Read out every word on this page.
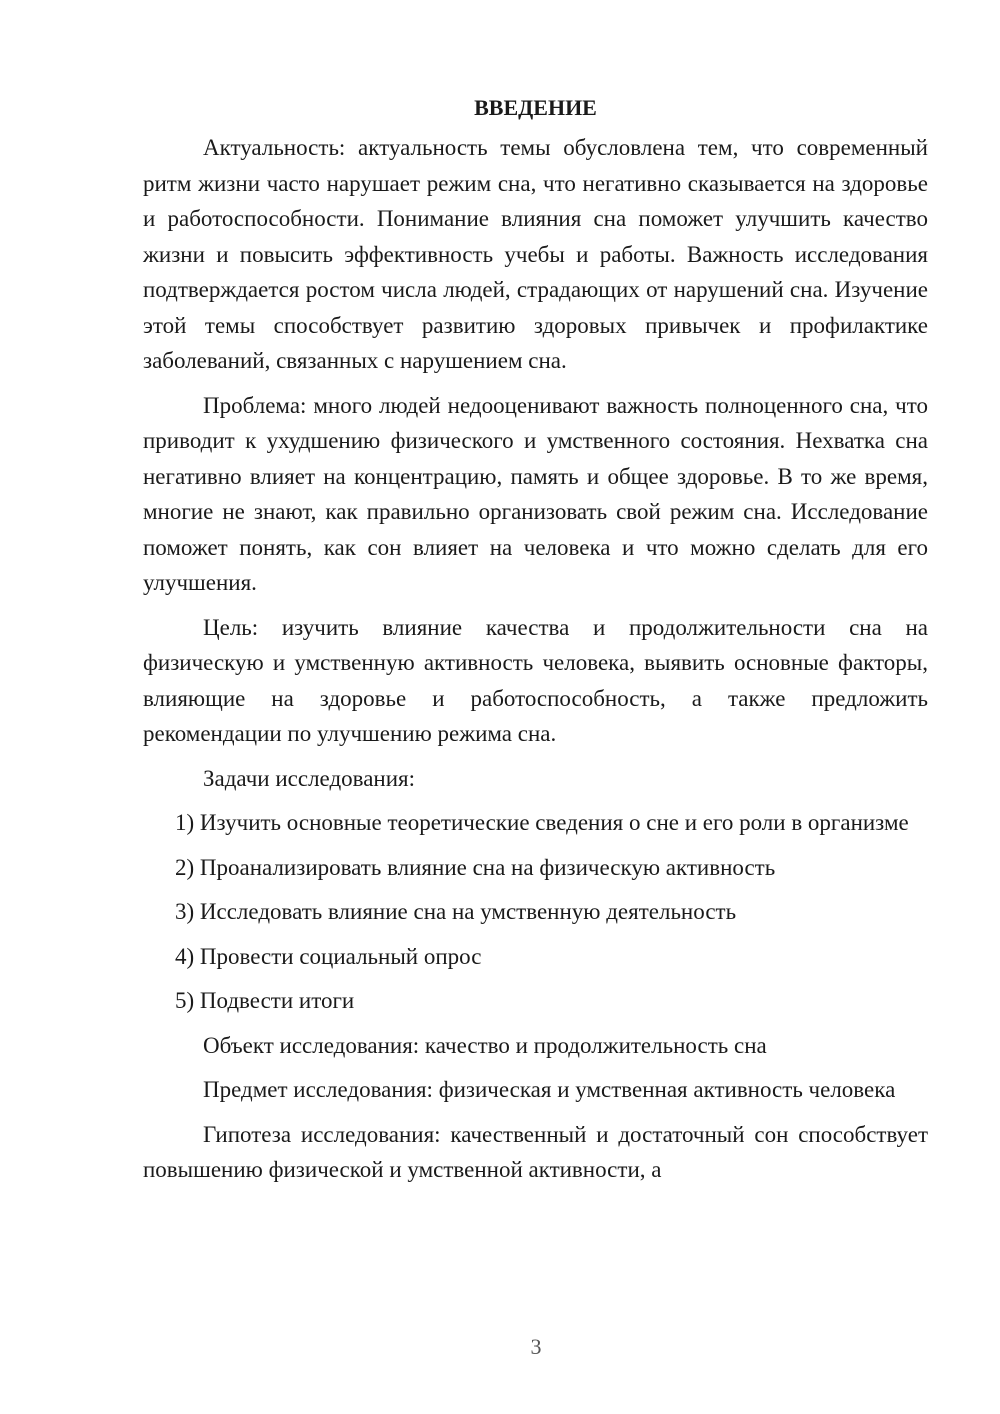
ВВЕДЕНИЕ

Актуальность: актуальность темы обусловлена тем, что современный ритм жизни часто нарушает режим сна, что негативно сказывается на здоровье и работоспособности. Понимание влияния сна поможет улучшить качество жизни и повысить эффективность учебы и работы. Важность исследования подтверждается ростом числа людей, страдающих от нарушений сна. Изучение этой темы способствует развитию здоровых привычек и профилактике заболеваний, связанных с нарушением сна.

Проблема: много людей недооценивают важность полноценного сна, что приводит к ухудшению физического и умственного состояния. Нехватка сна негативно влияет на концентрацию, память и общее здоровье. В то же время, многие не знают, как правильно организовать свой режим сна. Исследование поможет понять, как сон влияет на человека и что можно сделать для его улучшения.

Цель: изучить влияние качества и продолжительности сна на физическую и умственную активность человека, выявить основные факторы, влияющие на здоровье и работоспособность, а также предложить рекомендации по улучшению режима сна.

Задачи исследования:

1) Изучить основные теоретические сведения о сне и его роли в организме

2) Проанализировать влияние сна на физическую активность

3) Исследовать влияние сна на умственную деятельность

4) Провести социальный опрос

5) Подвести итоги

Объект исследования: качество и продолжительность сна

Предмет исследования: физическая и умственная активность человека

Гипотеза исследования: качественный и достаточный сон способствует повышению физической и умственной активности, а

3
